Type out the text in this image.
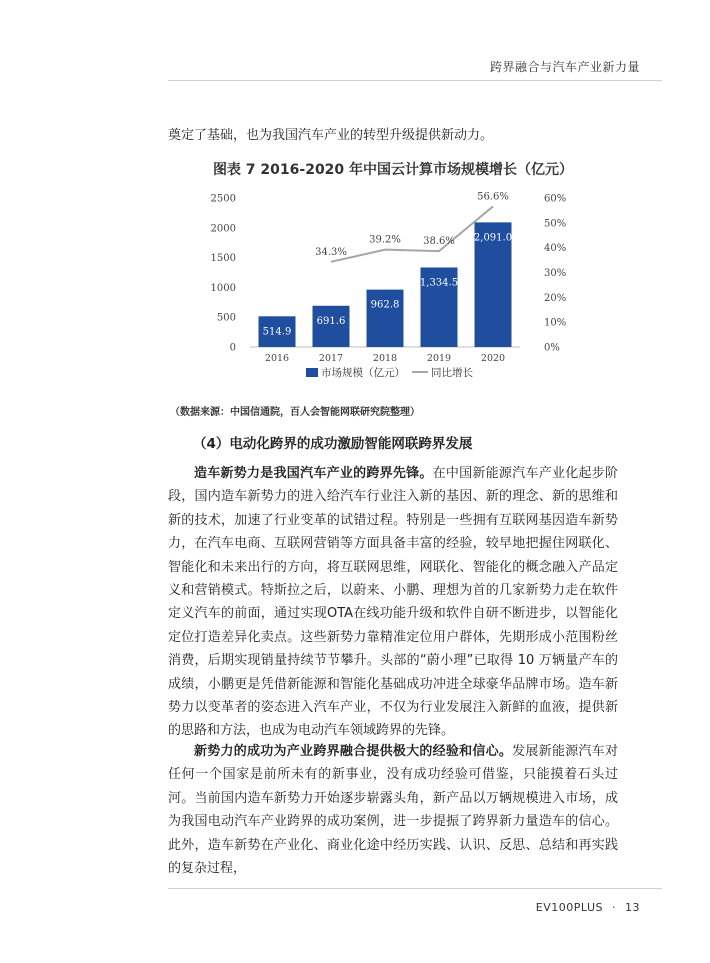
跨界融合与汽车产业新力量

奠定了基础，也为我国汽车产业的转型升级提供新动力。

图表 7 2016-2020 年中国云计算市场规模增长（亿元）
0
500
1000
1500
2000
2500
0%
10%
20%
30%
40%
50%
60%
514.9
691.6
962.8
1,334.5
2,091.0
2016	2017	2018	2019	2020
34.3%
39.2% 38.6%
56.6%
市场规模（亿元） 同比增长
（数据来源：中国信通院，百人会智能网联研究院整理）
（4）电动化跨界的成功激励智能网联跨界发展

造车新势力是我国汽车产业的跨界先锋。在中国新能源汽车产业化起步阶段，国内造车新势力的进入给汽车行业注入新的基因、新的理念、新的思维和新的技术，加速了行业变革的试错过程。特别是一些拥有互联网基因造车新势力，在汽车电商、互联网营销等方面具备丰富的经验，较早地把握住网联化、智能化和未来出行的方向，将互联网思维，网联化、智能化的概念融入产品定义和营销模式。特斯拉之后，以蔚来、小鹏、理想为首的几家新势力走在软件定义汽车的前面，通过实现OTA在线功能升级和软件自研不断进步，以智能化定位打造差异化卖点。这些新势力靠精准定位用户群体，先期形成小范围粉丝消费，后期实现销量持续节节攀升。头部的“蔚小理”已取得 10 万辆量产车的成绩，小鹏更是凭借新能源和智能化基础成功冲进全球豪华品牌市场。造车新势力以变革者的姿态进入汽车产业，不仅为行业发展注入新鲜的血液，提供新的思路和方法，也成为电动汽车领域跨界的先锋。

新势力的成功为产业跨界融合提供极大的经验和信心。发展新能源汽车对任何一个国家是前所未有的新事业，没有成功经验可借鉴，只能摸着石头过河。当前国内造车新势力开始逐步崭露头角，新产品以万辆规模进入市场，成为我国电动汽车产业跨界的成功案例，进一步提振了跨界新力量造车的信心。此外，造车新势在产业化、商业化途中经历实践、认识、反思、总结和再实践的复杂过程，

EV100PLUS · 13
